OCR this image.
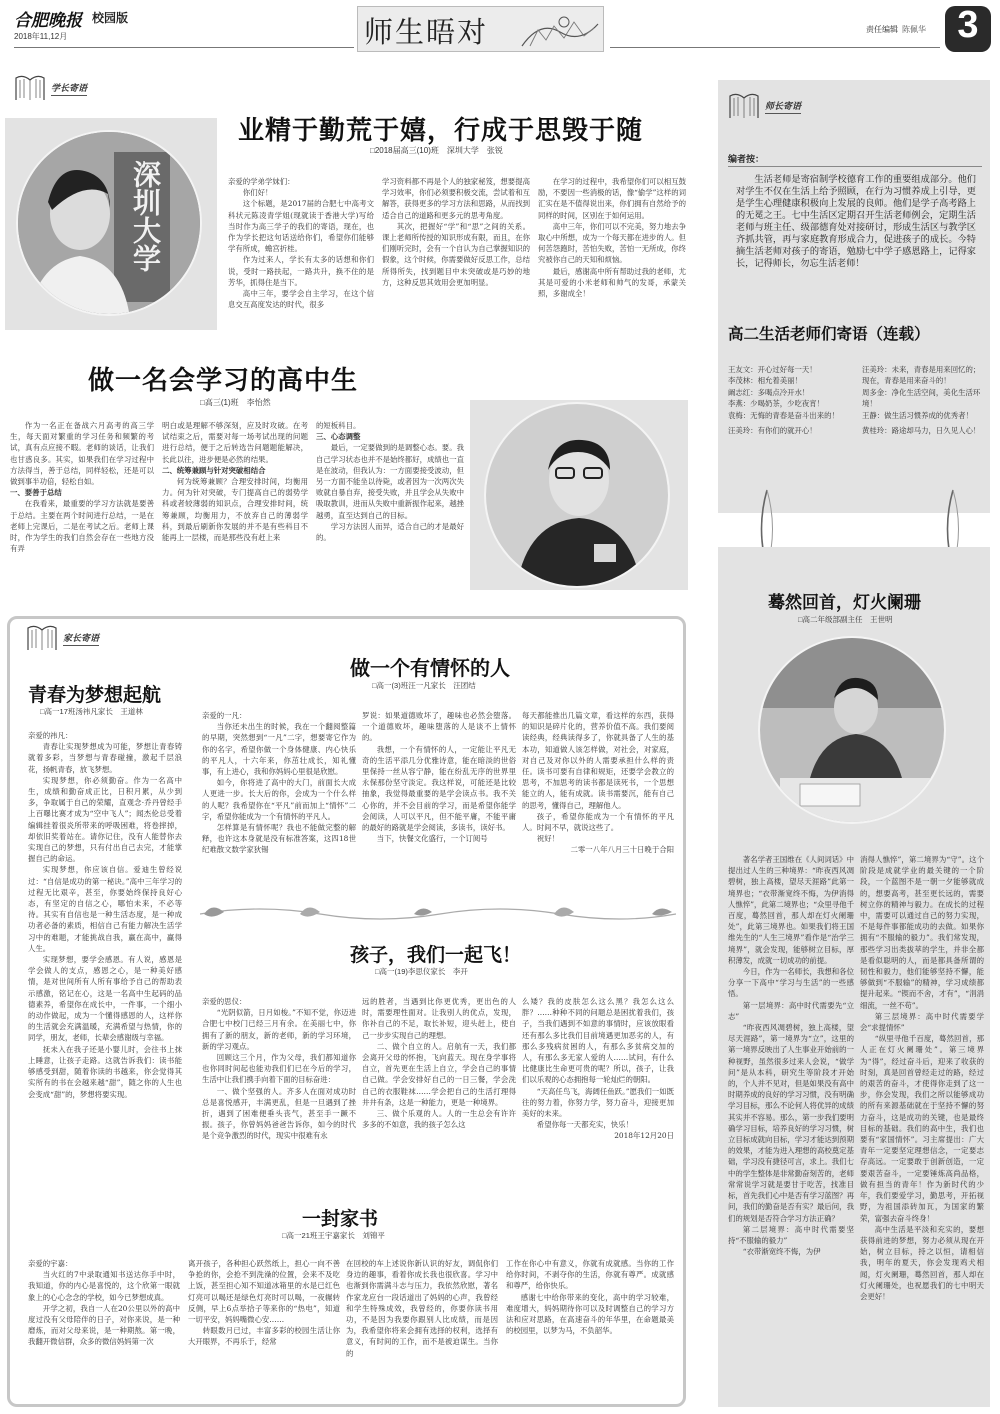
合肥晚报 校园版
2018年11,12月	师生晤对	责任编辑 陈佩华 3
学长寄语
深圳大学
业精于勤荒于嬉，行成于思毁于随
□2018届高三(10)班　深圳大学　张锐

亲爱的学弟学妹们：

你们好！

这个标题，是2017届的合肥七中高考文科状元陈凌青学姐(现就读于香港大学)写给当时作为高三学子的我们的寄语，现在，也作为学长把这句话送给你们，希望你们能够学有所成，蟾宫折桂。

作为过来人，学长有太多的话想和你们说，受时一路扶起，一路共升，换不住的是芳华，抓得住是当下。

高中三年，要学会自主学习，在这个信息交互高度发达的时代，很多

学习资料都不再是个人的独家秘笈，想要提高学习效率，你们必须要积极交流，尝试着和互解答，获得更多的学习方法和思路，从而找到适合自己的道路和更多元的思考角度。

其次，把握好“学”和“思”之间的关系。课上老师所传授的知识形成有限，而且，在你们刚听完时，会有一个自认为自己掌握知识的假象，这个时候，你需要做好反思工作，总结所得所失，找到题目中未突破或是巧妙的地方，这种反思其效用会更加明显。

在学习的过程中，我希望你们可以相互鼓励，不要因一些消极的话，像“偷学”这样的词汇实在是不值得说出来，你们拥有自然给予的同样的时间，区别在于如何运用。

高中三年，你们可以不完美，努力地去争取心中所想，成为一个每天都在进步的人。但何苦怨跑时，苦怕失败，苦怕一无所成，你终究被你自己的天知和烦恼。

最后，感谢高中所有帮助过我的老师，尤其是可爱的小米老师和帅气的发哥，承蒙关照，多谢成全！

做一名会学习的高中生
□高三(1)班　李怡然

作为一名正在备战六月高考的高三学生，每天面对繁重的学习任务和频繁的考试，真有点应接不暇。老师的谈话，让我们也甘惑良多。其实，如果我们在学习过程中方法得当，善于总结，同样轻松，还是可以做到事半功倍，轻松自如。

一、要善于总结

在我看来，最重要的学习方法就是要善于总结。主要在两个时间进行总结，一是在老师上完课后，二是在考试之后。老师上课时，作为学生的我们自然会存在一些地方没有弄

明白或是理解不够深刻，应及时攻破。在考试结束之后，需要对每一场考试出现的问题进行总结，便于之后转选告问题题能解决，长此以往，进步便是必然的结果。

二、统筹兼顾与针对突破相结合

何为统筹兼顾？合理安排时间，均衡用力。何为针对突破，专门提高自己的弱势学科或者较薄弱的知识点，合理安排时间，统筹兼顾，均衡用力，不放弃自己的薄弱学科，到最后刷新你发展的并不是有些科目不能再上一层楼，而是那些没有赶上来

的短板科目。

三、心态调整

最后，一定要做到的是调整心态。要。我自己学习状态也并不是始终都好，成绩也一直是在波动，但我认为：一方面要接受波动，但另一方面不能坐以待毙，或者因为一次两次失败就自暴自弃，接受失败，并且学会从失败中吸取教训，进而从失败中重新振作起来，越挫越勇，直至达到自己的目标。

学习方法因人而异，适合自己的才是最好的。

家长寄语
青春为梦想起航
□高一17班汤祎凡家长　王道林

亲爱的祎凡：

青春让实现梦想成为可能，梦想让青春铸就着多彩，当梦想与青春碰撞，激起千层浪花，扬帆青春，放飞梦想。

实现梦想，你必须勤奋。作为一名高中生，成绩和勤奋成正比，日积月累，从少到多，争取属于自己的荣耀，直观念·乔丹曾经手上百曝比赛才成为“空中飞人”；闻杰伦总受着编辑挂着很炎所带来的呼吸困难，将卷摔掉，却依旧奖着站在。请你记住，没有人能替你去实现自己的梦想，只有付出自己去完，才能掌握自己的命运。

实现梦想，你应该自信。爱迪生曾经说过：“自信是成功的第一秘诀。”高中三年学习的过程无比艰辛，甚至，你要始终保持良好心态，有坚定的自信之心，哪怕未来，不必等待。其实有自信也是一种生活态度，是一种成功者必备的素质，相信自己有能力解决生活学习中的难题，才能挑战自我，赢在高中，赢得人生。

实现梦想，要学会感恩。有人说，感恩是学会做人的支点，感恩之心，是一种美好感情，是对世间所有人所有事给予自己的帮助表示感激，铭记在心，这是一名高中生起码的品德素养，希望你在成长中，一件事，一个细小的动作做起，成为一个懂得感恩的人，这样你的生活就会充满温暖，充满希望与热情，你的同学，朋友，老师，长辈会感谢级与幸福。

抚未入在我子还是小婴儿时，会往书上抹上睡意，让孩子走路。这就告诉我们：读书能够感受到甜，随着你读的书越来，你会觉得其实所有的书在会越来越“甜”，随之你的人生也会变成“甜”的，梦想将要实现。

做一个有情怀的人
□高一(3)班汪一凡家长　汪团结

亲爱的一凡：

当你还未出生的时候，我在一个翻阅整篇的早期，突然想到“一凡”二字，想要寄它作为你的名字，希望你做一个身体健康、内心快乐的平凡人，十六年来，你茁壮成长，知礼懂事，有上进心，我和你妈妈心里很是欣慰。

如今，你将进了高中的大门，前面长大成人更进一步。长大后的你，会成为一个什么样的人呢？我希望你在“平凡”前而加上“情怀”二字，希望你能成为一个有情怀的平凡人。

怎样算是有情怀呢？我也不能做完整的解释，也许这本身就是没有标准答案，这四18世纪难散文数学家狄锡

罗说：如果道德败坏了，趣味也必然会堕落。一个道德败坏，趣味堕落的人是谈不上情怀的。

我想，一个有情怀的人，一定能让平凡无奇的生活平添几分优雅诗意，能在暗淡的世俗里保持一丝从容宁静，能在纷乱无序的世界里永保那份坚守淡定。我这样说，可能还是比较抽象，我觉得最重要的是学会读点书。我不关心你的，并不会目前的学习，而是希望你能学会阅读，人可以平凡，但不能平庸，不能平庸的最好的路就是学会阅读，多读书，读好书。

当下，快餐文化盛行，一个订阅号

每天都能推出几篇文章，看这样的东西，获得的知识是碎片化的，营养价值不高。我们要阅读经典，经典读得多了，你就具备了人生的基本功，知道做人该怎样做，对社会，对家庭，对自己及对你以外的人需要承担什么样的责任。读书可要有自律和规矩，还要学会教立的思考，不加思考的读书都是读死书，一个思想能立的人，能有成就。读书需要沉，能有自己的思考，懂得自己，理解他人。

孩子，希望你能成为一个有情怀的平凡人。时间不早，就说这些了。

祝好！

二零一八年八月三十日晚于合阳

孩子，我们一起飞！
□高一(19)李思仪家长　李开

亲爱的思仪：

“光阴似箭，日月如梭。”不知不觉，你迈进合肥七中校门已经三月有余。在美丽七中，你拥有了新的朋友，新的老师，新的学习环境，新的学习观点。

回顾这三个月，作为父母，我们都知道你也你同时间起也能劝我们们已在今后的学习，生活中让我们携手向着下面的目标奋进：

一、做个坚强的人。齐多人在面对成功时总是喜悦感开，丰满更乱，但是一旦遇到了挫折，遇到了困难便垂头丧气，甚至手一蹶不振。孩子，你曾妈妈爸爸告诉你，如今的时代是个竞争激烈的时代，现实中很难有永

远的胜者，当遇到比你更优秀，更出色的人时，需要理性面对。让我别人的优点，发现，你补自己的不足，取长补短，迎头赶上，使自己一步步实现自己的理想。

二、做个自立的人。启航有一天，我们都会离开父母的怀抱，飞向蓝天。现在身学事将自立，首先更在生活上自立，学会自己的事情自己做。学会安排好自己的一日三餐，学会洗自己的衣服鞋袜……学会把自己的生活打理得井井有条，这是一种能力，更是一种境界。

三、做个乐观的人。人的一生总会有许许多多的不如意，我的孩子怎么这

么矮？我的皮肤怎么这么黑？我怎么这么胖？……种种不同的问题总是困扰着我们，孩子，当我们遇到不如意的事情时，应该放眼看还有那么多比我们目前境遇更加恶劣的人，有那么多残病贫困的人，有那么多贫病交加的人，有那么多无家人爱的人……试问，有什么比健康比生命更可贵的呢？所以，孩子，让我们以乐观的心态拥抱每一轮灿烂的朝阳。

“天高任鸟飞，海阔任鱼跃。”愿我们一如既往的努力着，你努力学，努力奋斗，迎接更加美好的未来。

希望你每一天都充实，快乐！

2018年12月20日

一封家书
□高一21班王宇嘉家长　刘锦平

亲爱的宇嘉：

当火红的7中录取通知书送达你手中时，我知道，你的内心是喜悦的，这个欣第一眼就象上的心心念念的学校，如今已梦想成真。

开学之初，我自一人在20公里以外的高中度过没有父母陪伴的日子，对你来说，是一种磨炼，而对父母来说，是一种期熬。第一晚，我翻开微信群，众多的微信妈妈第一次

离开孩子，各种担心跃然纸上，担心一向不善争抢的你，会抢不到洗澡的位置，会来不及吃上饭，甚至担心知不知道冰箱里的水是已红色灯亮可以喝还是绿色灯亮时可以喝，一夜辗转反侧，早上6点举拾子等来你的“热电”，知道一切平安，妈妈嘴微心安……

转眼数月已过，丰富多彩的校园生活让你大开眼界，不再乐于，经常

在回校的车上述说你新认识的好友，调侃你们身边的趣事，看着你成长我也很欣喜。学习中也渐到你需满斗志与压力，我依然欣慰，著名作家龙应台一段话道出了妈妈的心声，我曾经和学生特殊成效，我曾经的，你要你读书用功，不是因为我要你跟别人比成绩，而是因为，我希望你将来会拥有选择的权利，选择有意义，有时间的工作，而不是被迫谋生。当你的

工作在你心中有意义，你就有成就感。当你的工作给你时间，不剥夺你的生活，你就有尊严。成就感和尊严，给你快乐。

感谢七中给你带来的变化，高中的学习较难，难度增大，妈妈期待你可以及时调整自己的学习方法和应对思路，在高速奋斗的年华里，在命题最美的校园里，以梦为马，不负韶华。

师长寄语
编者按：
生活老师是寄宿制学校德育工作的重要组成部分。他们对学生不仅在生活上给予照顾，在行为习惯养成上引导，更是学生心理健康积极向上发展的良师。他们是学子高考路上的无冕之王。七中生活区定期召开生活老师例会，定期生活老师与班主任、级部德育处对接研讨，形成生活区与教学区齐抓共管，再与家庭教育形成合力，促进孩子的成长。今特摘生活老师对孩子的寄语，勉励七中学子感恩路上，记得家长，记得师长，勿忘生活老师！
高二生活老师们寄语（连载）
王友文：开心过好每一天！
李茂林：相允着美丽！
阚志红：多喝点冷开水！
李燕：少喝奶茶，少吃夜宵！
袁梅：无悔的青春是奋斗出来的！
汪美玲：有你们的就开心！
汪美玲：未来，青春是用来回忆的；现在，青春是用来奋斗的！
周多金：净化生活空间，美化生活环境！
王静：做生活习惯养成的优秀者！
黄桂玲：路途却马力，日久见人心！
蓦然回首，灯火阑珊
□高二年级部副主任　王世明

著名学者王国维在《人间词话》中提出过人生的三种境界：“昨夜西风凋碧树，独上高楼，望尽天涯路”此第一境界也；“衣带渐宽终不悔，为伊消得人憔悴”，此第二境界也；“众里寻他千百度，蓦然回首，那人却在灯火阑珊处”，此第三境界也。如果我们将王国维先生的“人生三境界”看作是“治学三境界”，就会发现，能够树立目标，厚积薄发，成就一切成功的前提。

今日，作为一名师长，我想和各位分享一下高中“学习与生活”的一些感悟。

第一层境界：高中时代需要先“立志”

“昨夜西风凋碧树，独上高楼，望尽天涯路”，第一境界为“立”，这里的第一境界反映出了人生事业开始前的一种视野，虽然很多过来人会说，“做学问”是从本科，研究生等阶段才开始的，个人并不见对，但是如果没有高中时期养成的良好的学习习惯，没有明确学习目标，那么不论何人将优异的成绩其实并不容易。那么，第一步我们要明确学习目标，培养良好的学习习惯，树立目标成就向目标，学习才能达到预期的效果，才能为进入理想的高校奠定基础，学习没有捷径可言，求上。我们七中的学生整体是非常勤奋刻苦的，老师常常说学习就是要甘于吃苦，找准目标，首先我们心中是否有学习蓝图？再问，我们的勤奋是否有实？最后问，我们的规划是否符合学习方法正确？

第二层境界：高中时代需要坚持“不服输的毅力”

“衣带渐宽终不悔，为伊

消得人憔悴”，第二境界为“守”。这个阶段是成就学业的最关键的一个阶段，一个蓝图不是一朝一夕能够就成的，想要高考，甚至更长远的，需要树立你的精神与毅力。在成长的过程中，需要可以通过自己的努力实现，不是每件事都能成功的去做。如果你拥有“不服输的毅力”。我们常发现，那些学习出类拔萃的学生，并非全都是看似聪明的人，而是都具备所谓的韧性和毅力，他们能够坚持不懈，能够做到“不服输”的精神，学习成绩都提升起来。“锲而不舍，才有”，“涓涓细流，一丝不苟”。

第三层境界：高中时代需要学会“求提情怀”

“纵里寻他千百度，蓦然回首，那人正在灯火阑珊处”。第三境界为“得”，经过奋斗后，迎来了收获的时刻，真是回首曾经走过的路，经过的艰苦的奋斗，才使得你走到了这一步，你会发现，我们之所以能够成功的所有来源基础就在于坚持不懈的努力奋斗，这是成功的关键，也是最终目标的基础。我们的高中生，我们也要有“家国情怀”。习主席提出：广大青年一定要坚定理想信念，一定要志存高远。一定要敢于创新创造，一定要艰苦奋斗，一定要锤炼高尚品格，做有担当的青年！作为新时代的少年，我们要爱学习，勤思考，开拓视野，为祖国添砖加瓦，为国家的繁荣，富强去奋斗终身！

高中生活是平淡和充实的，要想获得前进的梦想，努力必须从现在开始，树立目标，持之以恒，请相信我，明年的夏天，你会发现鸡犬相闻，灯火阑珊，蓦然回首，那人却在灯火阑珊处，也祝愿我们的七中明天会更好！
